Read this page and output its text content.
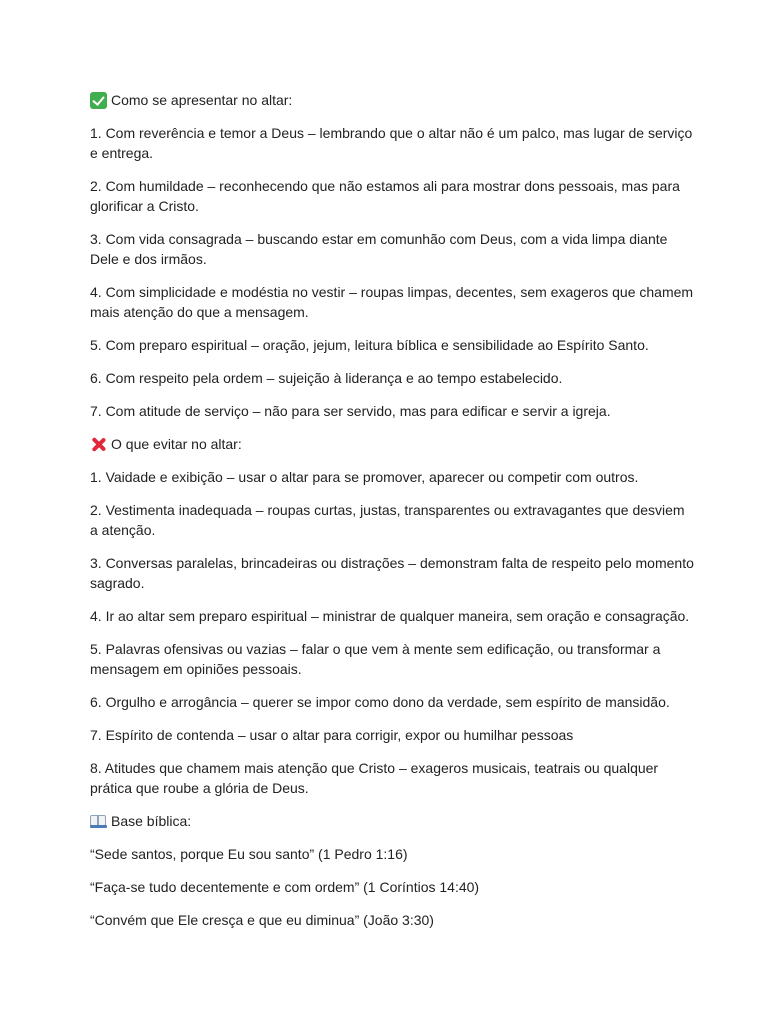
Como se apresentar no altar:

1. Com reverência e temor a Deus – lembrando que o altar não é um palco, mas lugar de serviço e entrega.

2. Com humildade – reconhecendo que não estamos ali para mostrar dons pessoais, mas para glorificar a Cristo.

3. Com vida consagrada – buscando estar em comunhão com Deus, com a vida limpa diante Dele e dos irmãos.

4. Com simplicidade e modéstia no vestir – roupas limpas, decentes, sem exageros que chamem mais atenção do que a mensagem.

5. Com preparo espiritual – oração, jejum, leitura bíblica e sensibilidade ao Espírito Santo.

6. Com respeito pela ordem – sujeição à liderança e ao tempo estabelecido.

7. Com atitude de serviço – não para ser servido, mas para edificar e servir a igreja.

O que evitar no altar:

1. Vaidade e exibição – usar o altar para se promover, aparecer ou competir com outros.

2. Vestimenta inadequada – roupas curtas, justas, transparentes ou extravagantes que desviem a atenção.

3. Conversas paralelas, brincadeiras ou distrações – demonstram falta de respeito pelo momento sagrado.

4. Ir ao altar sem preparo espiritual – ministrar de qualquer maneira, sem oração e consagração.

5. Palavras ofensivas ou vazias – falar o que vem à mente sem edificação, ou transformar a mensagem em opiniões pessoais.

6. Orgulho e arrogância – querer se impor como dono da verdade, sem espírito de mansidão.

7. Espírito de contenda – usar o altar para corrigir, expor ou humilhar pessoas

8. Atitudes que chamem mais atenção que Cristo – exageros musicais, teatrais ou qualquer prática que roube a glória de Deus.

Base bíblica:

“Sede santos, porque Eu sou santo” (1 Pedro 1:16)

“Faça-se tudo decentemente e com ordem” (1 Coríntios 14:40)

“Convém que Ele cresça e que eu diminua” (João 3:30)
